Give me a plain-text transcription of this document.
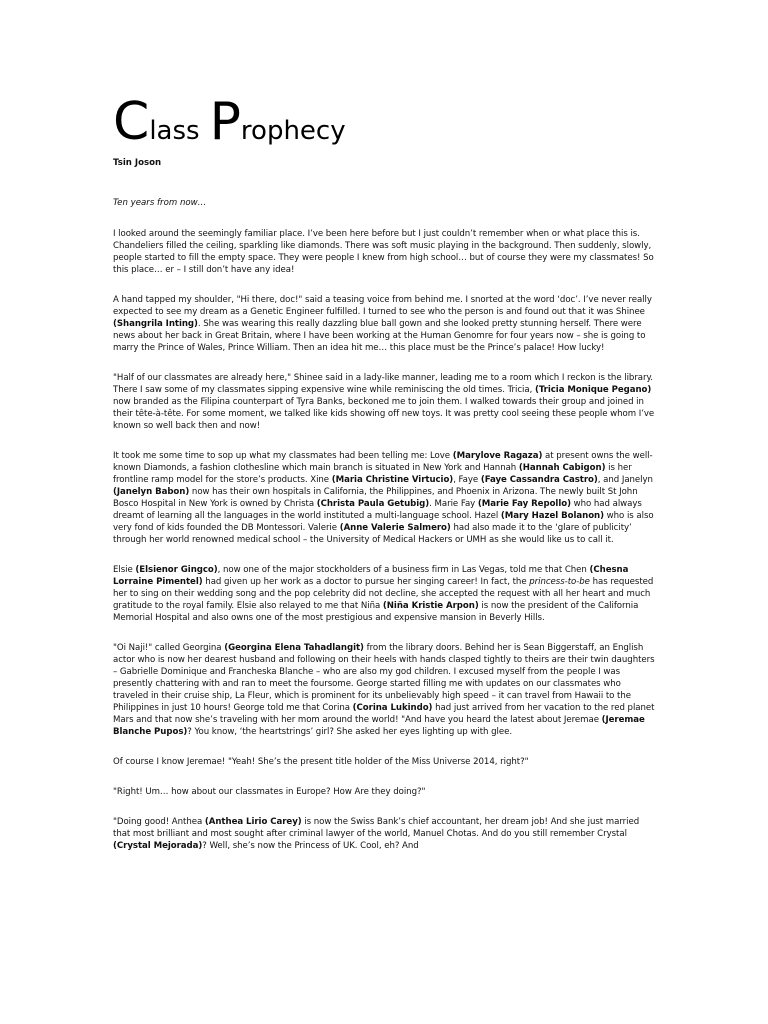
Class Prophecy
Tsin Joson
Ten years from now…

I looked around the seemingly familiar place. I’ve been here before but I just couldn’t remember when or what place this is. Chandeliers filled the ceiling, sparkling like diamonds. There was soft music playing in the background. Then suddenly, slowly, people started to fill the empty space. They were people I knew from high school… but of course they were my classmates! So this place… er – I still don’t have any idea!

A hand tapped my shoulder, "Hi there, doc!" said a teasing voice from behind me. I snorted at the word ‘doc’. I’ve never really expected to see my dream as a Genetic Engineer fulfilled. I turned to see who the person is and found out that it was Shinee (Shangrila Inting). She was wearing this really dazzling blue ball gown and she looked pretty stunning herself. There were news about her back in Great Britain, where I have been working at the Human Genomre for four years now – she is going to marry the Prince of Wales, Prince William. Then an idea hit me… this place must be the Prince’s palace! How lucky!

"Half of our classmates are already here," Shinee said in a lady-like manner, leading me to a room which I reckon is the library. There I saw some of my classmates sipping expensive wine while reminiscing the old times. Tricia, (Tricia Monique Pegano) now branded as the Filipina counterpart of Tyra Banks, beckoned me to join them. I walked towards their group and joined in their tête-à-tête. For some moment, we talked like kids showing off new toys. It was pretty cool seeing these people whom I’ve known so well back then and now!

It took me some time to sop up what my classmates had been telling me: Love (Marylove Ragaza) at present owns the well-known Diamonds, a fashion clothesline which main branch is situated in New York and Hannah (Hannah Cabigon) is her frontline ramp model for the store’s products. Xine (Maria Christine Virtucio), Faye (Faye Cassandra Castro), and Janelyn (Janelyn Babon) now has their own hospitals in California, the Philippines, and Phoenix in Arizona. The newly built St John Bosco Hospital in New York is owned by Christa (Christa Paula Getubig). Marie Fay (Marie Fay Repollo) who had always dreamt of learning all the languages in the world instituted a multi-language school. Hazel (Mary Hazel Bolanon) who is also very fond of kids founded the DB Montessori. Valerie (Anne Valerie Salmero) had also made it to the ‘glare of publicity’ through her world renowned medical school – the University of Medical Hackers or UMH as she would like us to call it.

Elsie (Elsienor Gingco), now one of the major stockholders of a business firm in Las Vegas, told me that Chen (Chesna Lorraine Pimentel) had given up her work as a doctor to pursue her singing career! In fact, the princess-to-be has requested her to sing on their wedding song and the pop celebrity did not decline, she accepted the request with all her heart and much gratitude to the royal family. Elsie also relayed to me that Niña (Niña Kristie Arpon) is now the president of the California Memorial Hospital and also owns one of the most prestigious and expensive mansion in Beverly Hills.

"Oi Naji!" called Georgina (Georgina Elena Tahadlangit) from the library doors. Behind her is Sean Biggerstaff, an English actor who is now her dearest husband and following on their heels with hands clasped tightly to theirs are their twin daughters – Gabrielle Dominique and Francheska Blanche – who are also my god children. I excused myself from the people I was presently chattering with and ran to meet the foursome. George started filling me with updates on our classmates who traveled in their cruise ship, La Fleur, which is prominent for its unbelievably high speed – it can travel from Hawaii to the Philippines in just 10 hours! George told me that Corina (Corina Lukindo) had just arrived from her vacation to the red planet Mars and that now she’s traveling with her mom around the world! "And have you heard the latest about Jeremae (Jeremae Blanche Pupos)? You know, ‘the heartstrings’ girl? She asked her eyes lighting up with glee.

Of course I know Jeremae! "Yeah! She’s the present title holder of the Miss Universe 2014, right?"

"Right! Um… how about our classmates in Europe? How Are they doing?"

"Doing good! Anthea (Anthea Lirio Carey) is now the Swiss Bank’s chief accountant, her dream job! And she just married that most brilliant and most sought after criminal lawyer of the world, Manuel Chotas. And do you still remember Crystal (Crystal Mejorada)? Well, she’s now the Princess of UK. Cool, eh? And
